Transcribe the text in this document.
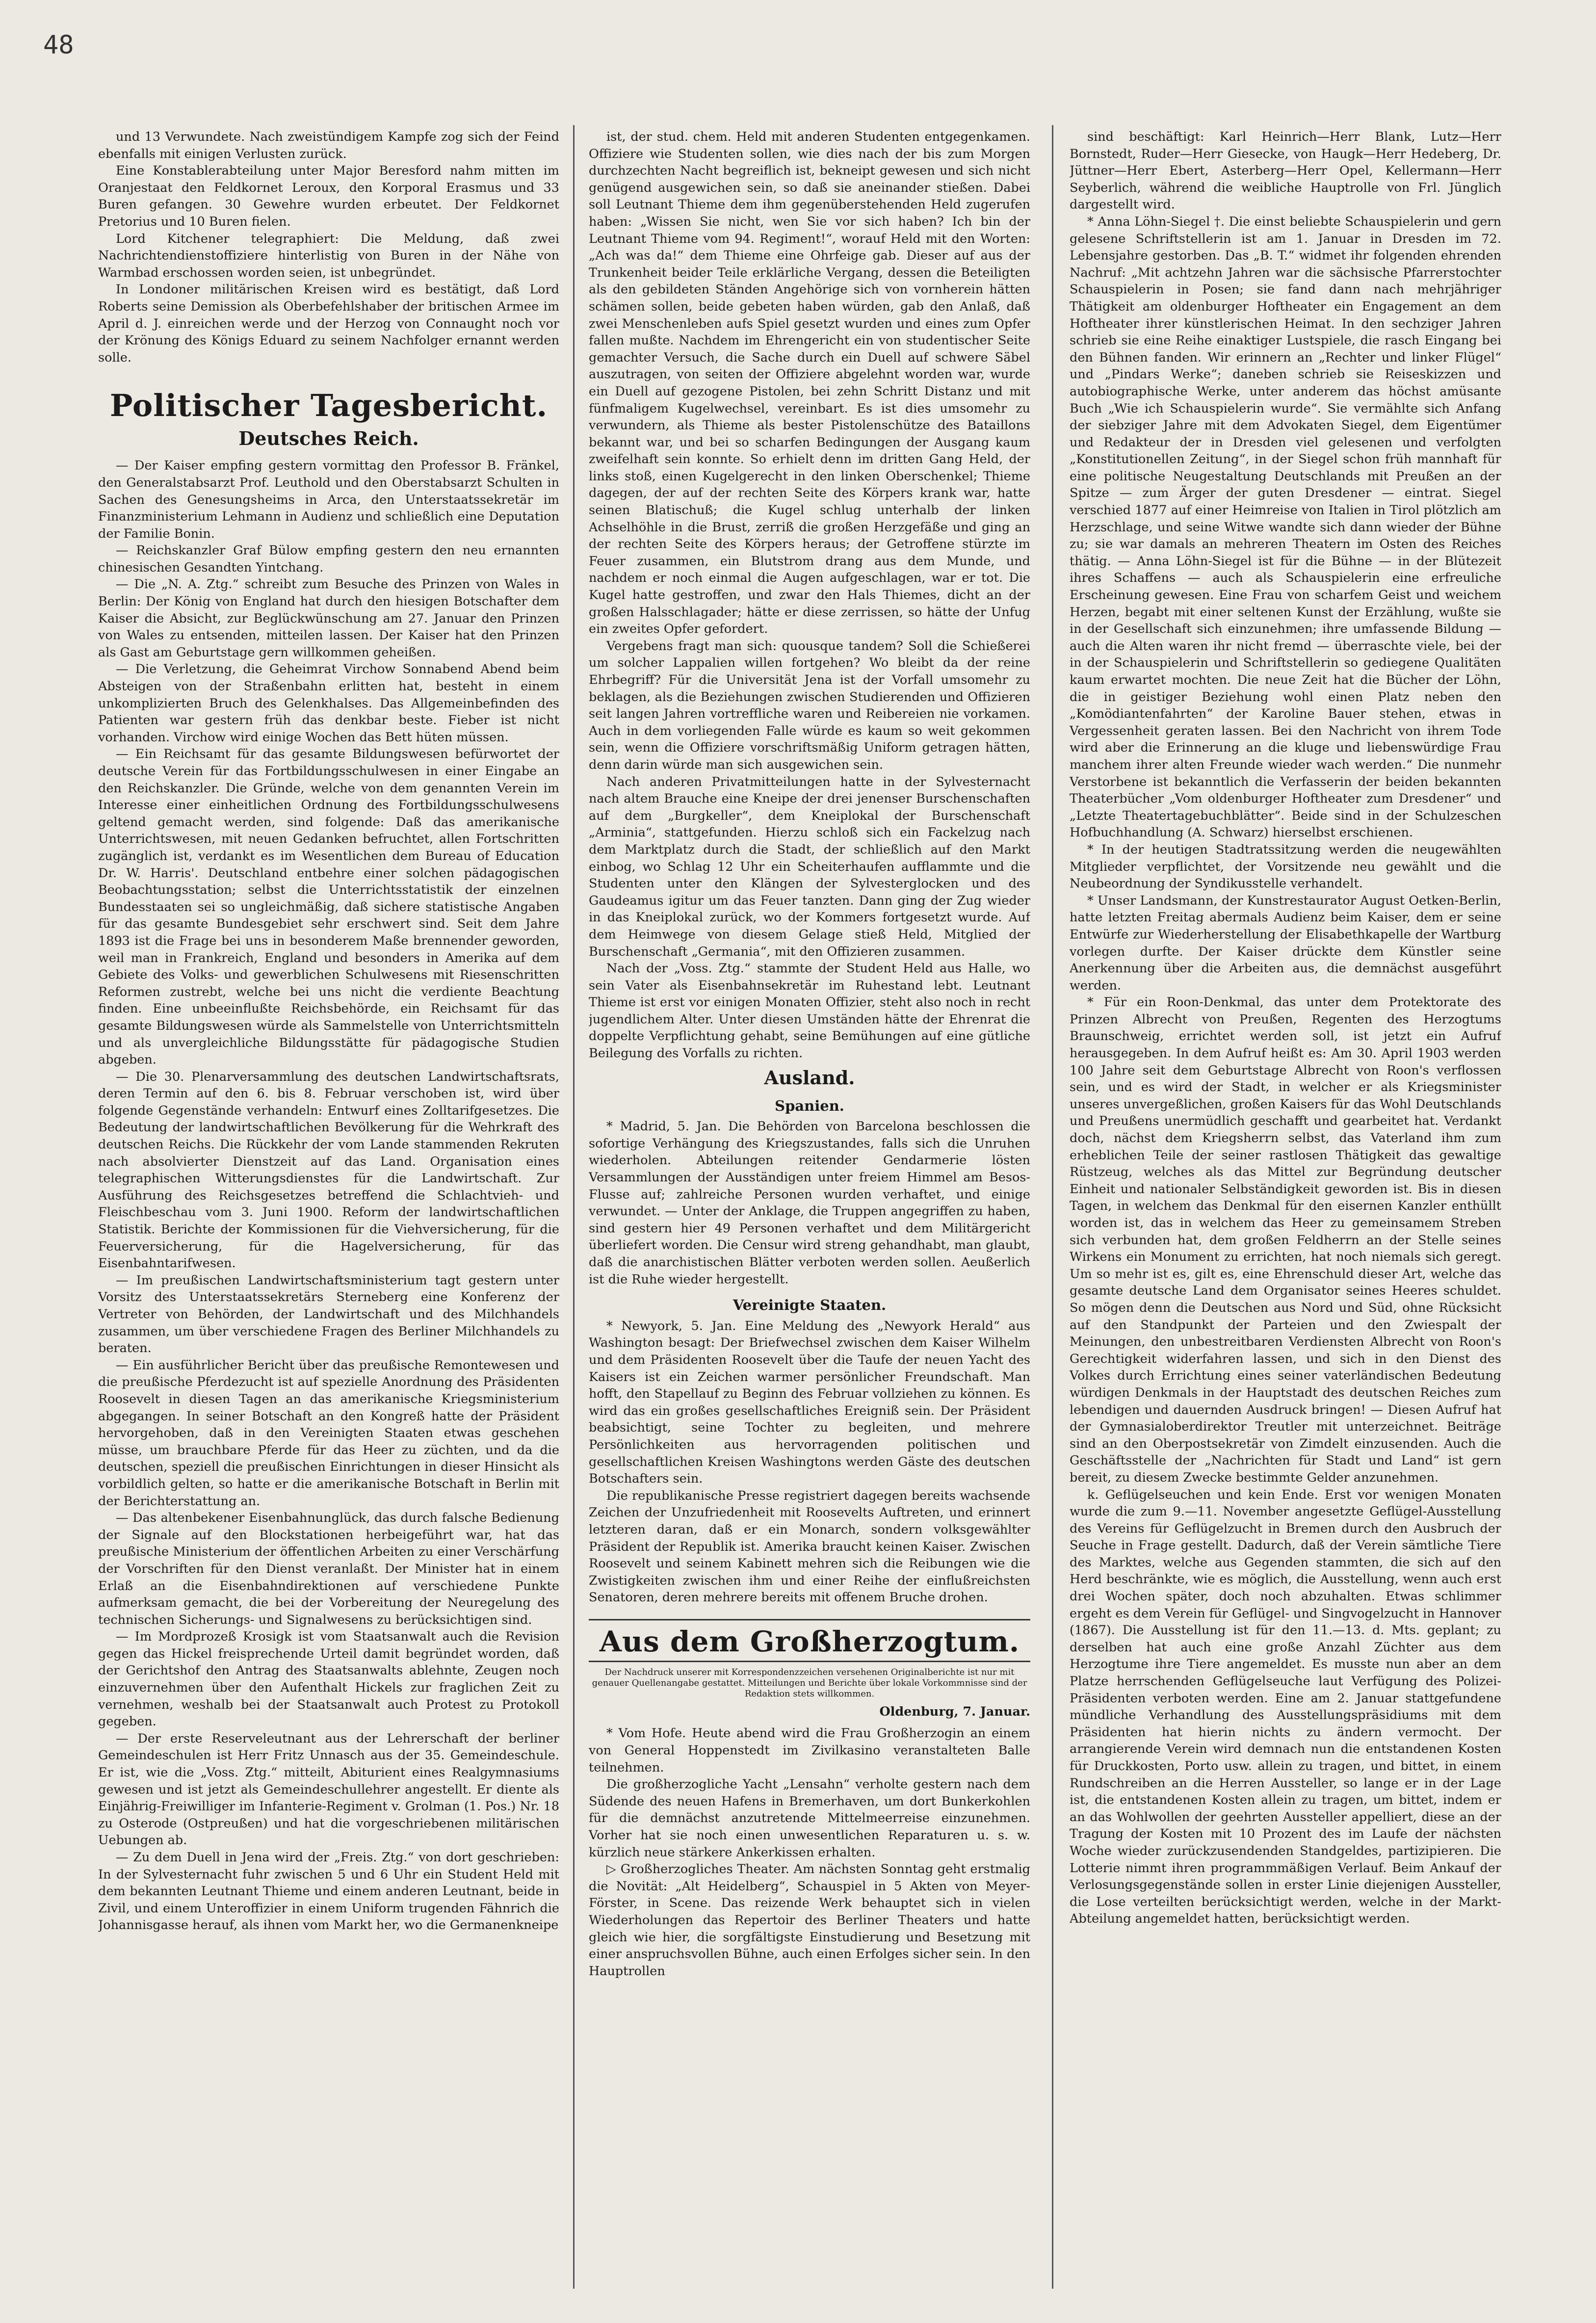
48

und 13 Verwundete. Nach zweistündigem Kampfe zog sich der Feind ebenfalls mit einigen Verlusten zurück.

Eine Konstablerabteilung unter Major Beresford nahm mitten im Oranjestaat den Feldkornet Leroux, den Korporal Erasmus und 33 Buren gefangen. 30 Gewehre wurden erbeutet. Der Feldkornet Pretorius und 10 Buren fielen.

Lord Kitchener telegraphiert: Die Meldung, daß zwei Nachrichtendienstoffiziere hinterlistig von Buren in der Nähe von Warmbad erschossen worden seien, ist unbegründet.

In Londoner militärischen Kreisen wird es bestätigt, daß Lord Roberts seine Demission als Oberbefehlshaber der britischen Armee im April d. J. einreichen werde und der Herzog von Connaught noch vor der Krönung des Königs Eduard zu seinem Nachfolger ernannt werden solle.

Politischer Tagesbericht.
Deutsches Reich.

— Der Kaiser empfing gestern vormittag den Professor B. Fränkel, den Generalstabsarzt Prof. Leuthold und den Oberstabsarzt Schulten in Sachen des Genesungsheims in Arca, den Unterstaatssekretär im Finanzministerium Lehmann in Audienz und schließlich eine Deputation der Familie Bonin.

— Reichskanzler Graf Bülow empfing gestern den neu ernannten chinesischen Gesandten Yintchang.

— Die „N. A. Ztg.“ schreibt zum Besuche des Prinzen von Wales in Berlin: Der König von England hat durch den hiesigen Botschafter dem Kaiser die Absicht, zur Beglückwünschung am 27. Januar den Prinzen von Wales zu entsenden, mitteilen lassen. Der Kaiser hat den Prinzen als Gast am Geburtstage gern willkommen geheißen.

— Die Verletzung, die Geheimrat Virchow Sonnabend Abend beim Absteigen von der Straßenbahn erlitten hat, besteht in einem unkomplizierten Bruch des Gelenkhalses. Das Allgemeinbefinden des Patienten war gestern früh das denkbar beste. Fieber ist nicht vorhanden. Virchow wird einige Wochen das Bett hüten müssen.

— Ein Reichsamt für das gesamte Bildungswesen befürwortet der deutsche Verein für das Fortbildungsschulwesen in einer Eingabe an den Reichskanzler. Die Gründe, welche von dem genannten Verein im Interesse einer einheitlichen Ordnung des Fortbildungsschulwesens geltend gemacht werden, sind folgende: Daß das amerikanische Unterrichtswesen, mit neuen Gedanken befruchtet, allen Fortschritten zugänglich ist, verdankt es im Wesentlichen dem Bureau of Education Dr. W. Harris'. Deutschland entbehre einer solchen pädagogischen Beobachtungsstation; selbst die Unterrichtsstatistik der einzelnen Bundesstaaten sei so ungleichmäßig, daß sichere statistische Angaben für das gesamte Bundesgebiet sehr erschwert sind. Seit dem Jahre 1893 ist die Frage bei uns in besonderem Maße brennender geworden, weil man in Frankreich, England und besonders in Amerika auf dem Gebiete des Volks- und gewerblichen Schulwesens mit Riesenschritten Reformen zustrebt, welche bei uns nicht die verdiente Beachtung finden. Eine unbeeinflußte Reichsbehörde, ein Reichsamt für das gesamte Bildungswesen würde als Sammelstelle von Unterrichtsmitteln und als unvergleichliche Bildungsstätte für pädagogische Studien abgeben.

— Die 30. Plenarversammlung des deutschen Landwirtschaftsrats, deren Termin auf den 6. bis 8. Februar verschoben ist, wird über folgende Gegenstände verhandeln: Entwurf eines Zolltarifgesetzes. Die Bedeutung der landwirtschaftlichen Bevölkerung für die Wehrkraft des deutschen Reichs. Die Rückkehr der vom Lande stammenden Rekruten nach absolvierter Dienstzeit auf das Land. Organisation eines telegraphischen Witterungsdienstes für die Landwirtschaft. Zur Ausführung des Reichsgesetzes betreffend die Schlachtvieh- und Fleischbeschau vom 3. Juni 1900. Reform der landwirtschaftlichen Statistik. Berichte der Kommissionen für die Viehversicherung, für die Feuerversicherung, für die Hagelversicherung, für das Eisenbahntarifwesen.

— Im preußischen Landwirtschaftsministerium tagt gestern unter Vorsitz des Unterstaatssekretärs Sterneberg eine Konferenz der Vertreter von Behörden, der Landwirtschaft und des Milchhandels zusammen, um über verschiedene Fragen des Berliner Milchhandels zu beraten.

— Ein ausführlicher Bericht über das preußische Remontewesen und die preußische Pferdezucht ist auf spezielle Anordnung des Präsidenten Roosevelt in diesen Tagen an das amerikanische Kriegsministerium abgegangen. In seiner Botschaft an den Kongreß hatte der Präsident hervorgehoben, daß in den Vereinigten Staaten etwas geschehen müsse, um brauchbare Pferde für das Heer zu züchten, und da die deutschen, speziell die preußischen Einrichtungen in dieser Hinsicht als vorbildlich gelten, so hatte er die amerikanische Botschaft in Berlin mit der Berichterstattung an.

— Das altenbekener Eisenbahnunglück, das durch falsche Bedienung der Signale auf den Blockstationen herbeigeführt war, hat das preußische Ministerium der öffentlichen Arbeiten zu einer Verschärfung der Vorschriften für den Dienst veranlaßt. Der Minister hat in einem Erlaß an die Eisenbahndirektionen auf verschiedene Punkte aufmerksam gemacht, die bei der Vorbereitung der Neuregelung des technischen Sicherungs- und Signalwesens zu berücksichtigen sind.

— Im Mordprozeß Krosigk ist vom Staatsanwalt auch die Revision gegen das Hickel freisprechende Urteil damit begründet worden, daß der Gerichtshof den Antrag des Staatsanwalts ablehnte, Zeugen noch einzuvernehmen über den Aufenthalt Hickels zur fraglichen Zeit zu vernehmen, weshalb bei der Staatsanwalt auch Protest zu Protokoll gegeben.

— Der erste Reserveleutnant aus der Lehrerschaft der berliner Gemeindeschulen ist Herr Fritz Unnasch aus der 35. Gemeindeschule. Er ist, wie die „Voss. Ztg.“ mitteilt, Abiturient eines Realgymnasiums gewesen und ist jetzt als Gemeindeschullehrer angestellt. Er diente als Einjährig-Freiwilliger im Infanterie-Regiment v. Grolman (1. Pos.) Nr. 18 zu Osterode (Ostpreußen) und hat die vorgeschriebenen militärischen Uebungen ab.

— Zu dem Duell in Jena wird der „Freis. Ztg.“ von dort geschrieben: In der Sylvesternacht fuhr zwischen 5 und 6 Uhr ein Student Held mit dem bekannten Leutnant Thieme und einem anderen Leutnant, beide in Zivil, und einem Unteroffizier in einem Uniform trugenden Fähnrich die Johannisgasse herauf, als ihnen vom Markt her, wo die Germanenkneipe

ist, der stud. chem. Held mit anderen Studenten entgegenkamen. Offiziere wie Studenten sollen, wie dies nach der bis zum Morgen durchzechten Nacht begreiflich ist, bekneipt gewesen und sich nicht genügend ausgewichen sein, so daß sie aneinander stießen. Dabei soll Leutnant Thieme dem ihm gegenüberstehenden Held zugerufen haben: „Wissen Sie nicht, wen Sie vor sich haben? Ich bin der Leutnant Thieme vom 94. Regiment!“, worauf Held mit den Worten: „Ach was da!“ dem Thieme eine Ohrfeige gab. Dieser auf aus der Trunkenheit beider Teile erklärliche Vergang, dessen die Beteiligten als den gebildeten Ständen Angehörige sich von vornherein hätten schämen sollen, beide gebeten haben würden, gab den Anlaß, daß zwei Menschenleben aufs Spiel gesetzt wurden und eines zum Opfer fallen mußte. Nachdem im Ehrengericht ein von studentischer Seite gemachter Versuch, die Sache durch ein Duell auf schwere Säbel auszutragen, von seiten der Offiziere abgelehnt worden war, wurde ein Duell auf gezogene Pistolen, bei zehn Schritt Distanz und mit fünfmaligem Kugelwechsel, vereinbart. Es ist dies umsomehr zu verwundern, als Thieme als bester Pistolenschütze des Bataillons bekannt war, und bei so scharfen Bedingungen der Ausgang kaum zweifelhaft sein konnte. So erhielt denn im dritten Gang Held, der links stoß, einen Kugelgerecht in den linken Oberschenkel; Thieme dagegen, der auf der rechten Seite des Körpers krank war, hatte seinen Blatischuß; die Kugel schlug unterhalb der linken Achselhöhle in die Brust, zerriß die großen Herzgefäße und ging an der rechten Seite des Körpers heraus; der Getroffene stürzte im Feuer zusammen, ein Blutstrom drang aus dem Munde, und nachdem er noch einmal die Augen aufgeschlagen, war er tot. Die Kugel hatte gestroffen, und zwar den Hals Thiemes, dicht an der großen Halsschlagader; hätte er diese zerrissen, so hätte der Unfug ein zweites Opfer gefordert.

Vergebens fragt man sich: quousque tandem? Soll die Schießerei um solcher Lappalien willen fortgehen? Wo bleibt da der reine Ehrbegriff? Für die Universität Jena ist der Vorfall umsomehr zu beklagen, als die Beziehungen zwischen Studierenden und Offizieren seit langen Jahren vortreffliche waren und Reibereien nie vorkamen. Auch in dem vorliegenden Falle würde es kaum so weit gekommen sein, wenn die Offiziere vorschriftsmäßig Uniform getragen hätten, denn darin würde man sich ausgewichen sein.

Nach anderen Privatmitteilungen hatte in der Sylvesternacht nach altem Brauche eine Kneipe der drei jenenser Burschenschaften auf dem „Burgkeller“, dem Kneiplokal der Burschenschaft „Arminia“, stattgefunden. Hierzu schloß sich ein Fackelzug nach dem Marktplatz durch die Stadt, der schließlich auf den Markt einbog, wo Schlag 12 Uhr ein Scheiterhaufen aufflammte und die Studenten unter den Klängen der Sylvesterglocken und des Gaudeamus igitur um das Feuer tanzten. Dann ging der Zug wieder in das Kneiplokal zurück, wo der Kommers fortgesetzt wurde. Auf dem Heimwege von diesem Gelage stieß Held, Mitglied der Burschenschaft „Germania“, mit den Offizieren zusammen.

Nach der „Voss. Ztg.“ stammte der Student Held aus Halle, wo sein Vater als Eisenbahnsekretär im Ruhestand lebt. Leutnant Thieme ist erst vor einigen Monaten Offizier, steht also noch in recht jugendlichem Alter. Unter diesen Umständen hätte der Ehrenrat die doppelte Verpflichtung gehabt, seine Bemühungen auf eine gütliche Beilegung des Vorfalls zu richten.

Ausland.
Spanien.

* Madrid, 5. Jan. Die Behörden von Barcelona beschlossen die sofortige Verhängung des Kriegszustandes, falls sich die Unruhen wiederholen. Abteilungen reitender Gendarmerie lösten Versammlungen der Ausständigen unter freiem Himmel am Besos-Flusse auf; zahlreiche Personen wurden verhaftet, und einige verwundet. — Unter der Anklage, die Truppen angegriffen zu haben, sind gestern hier 49 Personen verhaftet und dem Militärgericht überliefert worden. Die Censur wird streng gehandhabt, man glaubt, daß die anarchistischen Blätter verboten werden sollen. Aeußerlich ist die Ruhe wieder hergestellt.

Vereinigte Staaten.

* Newyork, 5. Jan. Eine Meldung des „Newyork Herald“ aus Washington besagt: Der Briefwechsel zwischen dem Kaiser Wilhelm und dem Präsidenten Roosevelt über die Taufe der neuen Yacht des Kaisers ist ein Zeichen warmer persönlicher Freundschaft. Man hofft, den Stapellauf zu Beginn des Februar vollziehen zu können. Es wird das ein großes gesellschaftliches Ereigniß sein. Der Präsident beabsichtigt, seine Tochter zu begleiten, und mehrere Persönlichkeiten aus hervorragenden politischen und gesellschaftlichen Kreisen Washingtons werden Gäste des deutschen Botschafters sein.

Die republikanische Presse registriert dagegen bereits wachsende Zeichen der Unzufriedenheit mit Roosevelts Auftreten, und erinnert letzteren daran, daß er ein Monarch, sondern volksgewählter Präsident der Republik ist. Amerika braucht keinen Kaiser. Zwischen Roosevelt und seinem Kabinett mehren sich die Reibungen wie die Zwistigkeiten zwischen ihm und einer Reihe der einflußreichsten Senatoren, deren mehrere bereits mit offenem Bruche drohen.

Aus dem Großherzogtum.
Der Nachdruck unserer mit Korrespondenzzeichen versehenen Originalberichte ist nur mit genauer Quellenangabe gestattet. Mitteilungen und Berichte über lokale Vorkommnisse sind der Redaktion stets willkommen.
Oldenburg, 7. Januar.

* Vom Hofe. Heute abend wird die Frau Großherzogin an einem von General Hoppenstedt im Zivilkasino veranstalteten Balle teilnehmen.

Die großherzogliche Yacht „Lensahn“ verholte gestern nach dem Südende des neuen Hafens in Bremerhaven, um dort Bunkerkohlen für die demnächst anzutretende Mittelmeerreise einzunehmen. Vorher hat sie noch einen unwesentlichen Reparaturen u. s. w. kürzlich neue stärkere Ankerkissen erhalten.

▷ Großherzogliches Theater. Am nächsten Sonntag geht erstmalig die Novität: „Alt Heidelberg“, Schauspiel in 5 Akten von Meyer-Förster, in Scene. Das reizende Werk behauptet sich in vielen Wiederholungen das Repertoir des Berliner Theaters und hatte gleich wie hier, die sorgfältigste Einstudierung und Besetzung mit einer anspruchsvollen Bühne, auch einen Erfolges sicher sein. In den Hauptrollen

sind beschäftigt: Karl Heinrich—Herr Blank, Lutz—Herr Bornstedt, Ruder—Herr Giesecke, von Haugk—Herr Hedeberg, Dr. Jüttner—Herr Ebert, Asterberg—Herr Opel, Kellermann—Herr Seyberlich, während die weibliche Hauptrolle von Frl. Jünglich dargestellt wird.

* Anna Löhn-Siegel †. Die einst beliebte Schauspielerin und gern gelesene Schriftstellerin ist am 1. Januar in Dresden im 72. Lebensjahre gestorben. Das „B. T.“ widmet ihr folgenden ehrenden Nachruf: „Mit achtzehn Jahren war die sächsische Pfarrerstochter Schauspielerin in Posen; sie fand dann nach mehrjähriger Thätigkeit am oldenburger Hoftheater ein Engagement an dem Hoftheater ihrer künstlerischen Heimat. In den sechziger Jahren schrieb sie eine Reihe einaktiger Lustspiele, die rasch Eingang bei den Bühnen fanden. Wir erinnern an „Rechter und linker Flügel“ und „Pindars Werke“; daneben schrieb sie Reiseskizzen und autobiographische Werke, unter anderem das höchst amüsante Buch „Wie ich Schauspielerin wurde“. Sie vermählte sich Anfang der siebziger Jahre mit dem Advokaten Siegel, dem Eigentümer und Redakteur der in Dresden viel gelesenen und verfolgten „Konstitutionellen Zeitung“, in der Siegel schon früh mannhaft für eine politische Neugestaltung Deutschlands mit Preußen an der Spitze — zum Ärger der guten Dresdener — eintrat. Siegel verschied 1877 auf einer Heimreise von Italien in Tirol plötzlich am Herzschlage, und seine Witwe wandte sich dann wieder der Bühne zu; sie war damals an mehreren Theatern im Osten des Reiches thätig. — Anna Löhn-Siegel ist für die Bühne — in der Blütezeit ihres Schaffens — auch als Schauspielerin eine erfreuliche Erscheinung gewesen. Eine Frau von scharfem Geist und weichem Herzen, begabt mit einer seltenen Kunst der Erzählung, wußte sie in der Gesellschaft sich einzunehmen; ihre umfassende Bildung — auch die Alten waren ihr nicht fremd — überraschte viele, bei der in der Schauspielerin und Schriftstellerin so gediegene Qualitäten kaum erwartet mochten. Die neue Zeit hat die Bücher der Löhn, die in geistiger Beziehung wohl einen Platz neben den „Komödiantenfahrten“ der Karoline Bauer stehen, etwas in Vergessenheit geraten lassen. Bei den Nachricht von ihrem Tode wird aber die Erinnerung an die kluge und liebenswürdige Frau manchem ihrer alten Freunde wieder wach werden.“ Die nunmehr Verstorbene ist bekanntlich die Verfasserin der beiden bekannten Theaterbücher „Vom oldenburger Hoftheater zum Dresdener“ und „Letzte Theatertagebuchblätter“. Beide sind in der Schulzeschen Hofbuchhandlung (A. Schwarz) hierselbst erschienen.

* In der heutigen Stadtratssitzung werden die neugewählten Mitglieder verpflichtet, der Vorsitzende neu gewählt und die Neubeordnung der Syndikusstelle verhandelt.

* Unser Landsmann, der Kunstrestaurator August Oetken-Berlin, hatte letzten Freitag abermals Audienz beim Kaiser, dem er seine Entwürfe zur Wiederherstellung der Elisabethkapelle der Wartburg vorlegen durfte. Der Kaiser drückte dem Künstler seine Anerkennung über die Arbeiten aus, die demnächst ausgeführt werden.

* Für ein Roon-Denkmal, das unter dem Protektorate des Prinzen Albrecht von Preußen, Regenten des Herzogtums Braunschweig, errichtet werden soll, ist jetzt ein Aufruf herausgegeben. In dem Aufruf heißt es: Am 30. April 1903 werden 100 Jahre seit dem Geburtstage Albrecht von Roon's verflossen sein, und es wird der Stadt, in welcher er als Kriegsminister unseres unvergeßlichen, großen Kaisers für das Wohl Deutschlands und Preußens unermüdlich geschafft und gearbeitet hat. Verdankt doch, nächst dem Kriegsherrn selbst, das Vaterland ihm zum erheblichen Teile der seiner rastlosen Thätigkeit das gewaltige Rüstzeug, welches als das Mittel zur Begründung deutscher Einheit und nationaler Selbständigkeit geworden ist. Bis in diesen Tagen, in welchem das Denkmal für den eisernen Kanzler enthüllt worden ist, das in welchem das Heer zu gemeinsamem Streben sich verbunden hat, dem großen Feldherrn an der Stelle seines Wirkens ein Monument zu errichten, hat noch niemals sich geregt. Um so mehr ist es, gilt es, eine Ehrenschuld dieser Art, welche das gesamte deutsche Land dem Organisator seines Heeres schuldet. So mögen denn die Deutschen aus Nord und Süd, ohne Rücksicht auf den Standpunkt der Parteien und den Zwiespalt der Meinungen, den unbestreitbaren Verdiensten Albrecht von Roon's Gerechtigkeit widerfahren lassen, und sich in den Dienst des Volkes durch Errichtung eines seiner vaterländischen Bedeutung würdigen Denkmals in der Hauptstadt des deutschen Reiches zum lebendigen und dauernden Ausdruck bringen! — Diesen Aufruf hat der Gymnasialoberdirektor Treutler mit unterzeichnet. Beiträge sind an den Oberpostsekretär von Zimdelt einzusenden. Auch die Geschäftsstelle der „Nachrichten für Stadt und Land“ ist gern bereit, zu diesem Zwecke bestimmte Gelder anzunehmen.

k. Geflügelseuchen und kein Ende. Erst vor wenigen Monaten wurde die zum 9.—11. November angesetzte Geflügel-Ausstellung des Vereins für Geflügelzucht in Bremen durch den Ausbruch der Seuche in Frage gestellt. Dadurch, daß der Verein sämtliche Tiere des Marktes, welche aus Gegenden stammten, die sich auf den Herd beschränkte, wie es möglich, die Ausstellung, wenn auch erst drei Wochen später, doch noch abzuhalten. Etwas schlimmer ergeht es dem Verein für Geflügel- und Singvogelzucht in Hannover (1867). Die Ausstellung ist für den 11.—13. d. Mts. geplant; zu derselben hat auch eine große Anzahl Züchter aus dem Herzogtume ihre Tiere angemeldet. Es musste nun aber an dem Platze herrschenden Geflügelseuche laut Verfügung des Polizei-Präsidenten verboten werden. Eine am 2. Januar stattgefundene mündliche Verhandlung des Ausstellungspräsidiums mit dem Präsidenten hat hierin nichts zu ändern vermocht. Der arrangierende Verein wird demnach nun die entstandenen Kosten für Druckkosten, Porto usw. allein zu tragen, und bittet, in einem Rundschreiben an die Herren Aussteller, so lange er in der Lage ist, die entstandenen Kosten allein zu tragen, um bittet, indem er an das Wohlwollen der geehrten Aussteller appelliert, diese an der Tragung der Kosten mit 10 Prozent des im Laufe der nächsten Woche wieder zurückzusendenden Standgeldes, partizipieren. Die Lotterie nimmt ihren programmmäßigen Verlauf. Beim Ankauf der Verlosungsgegenstände sollen in erster Linie diejenigen Aussteller, die Lose verteilten berücksichtigt werden, welche in der Markt-Abteilung angemeldet hatten, berücksichtigt werden.
